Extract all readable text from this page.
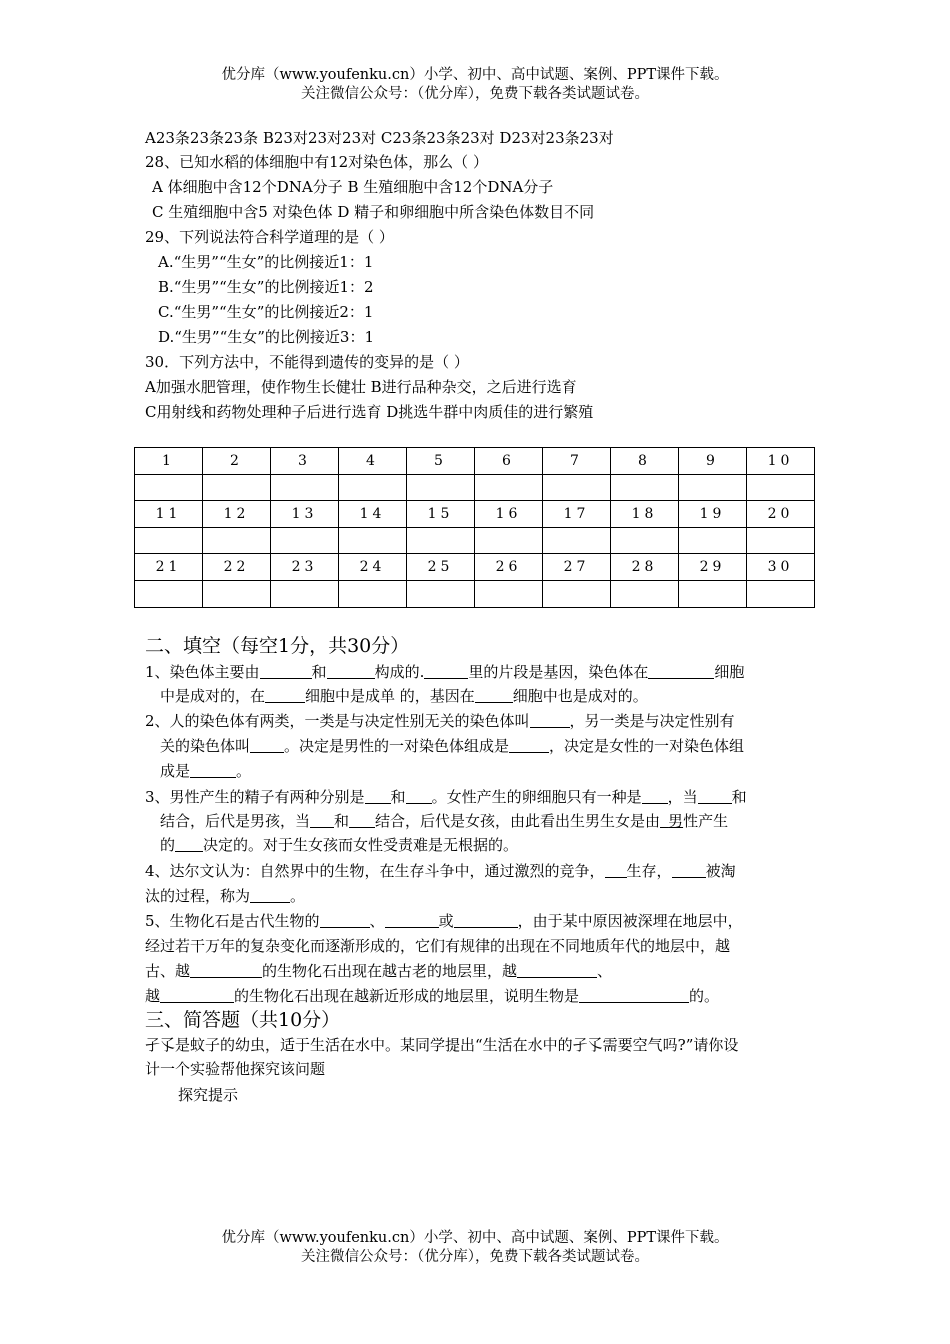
优分库（www.youfenku.cn）小学、初中、高中试题、案例、PPT课件下载。
关注微信公众号：（优分库），免费下载各类试题试卷。
A23条23条23条 B23对23对23对 C23条23条23对 D23对23条23对
28、已知水稻的体细胞中有12对染色体，那么（ ）
A 体细胞中含12个DNA分子 B 生殖细胞中含12个DNA分子
C 生殖细胞中含5 对染色体 D 精子和卵细胞中所含染色体数目不同
29、下列说法符合科学道理的是（ ）
A.“生男”“生女”的比例接近1：1
B.“生男”“生女”的比例接近1：2
C.“生男”“生女”的比例接近2：1
D.“生男”“生女”的比例接近3：1
30．下列方法中，不能得到遗传的变异的是（ ）
A加强水肥管理，使作物生长健壮 B进行品种杂交，之后进行选育
C用射线和药物处理种子后进行选育 D挑选牛群中肉质佳的进行繁殖
1	2	3	4	5	6	7	8	9	10

11	12	13	14	15	16	17	18	19	20

21	22	23	24	25	26	27	28	29	30

二、填空（每空1分，共30分）
1、染色体主要由	和	构成的.	里的片段是基因，染色体在	细胞
中是成对的，在	细胞中是成单 的，基因在	细胞中也是成对的。
2、人的染色体有两类，一类是与决定性别无关的染色体叫	，另一类是与决定性别有
关的染色体叫 。决定是男性的一对染色体组成是	，决定是女性的一对染色体组
成是	。
3、男性产生的精子有两种分别是 和 。女性产生的卵细胞只有一种是 ，当 和
结合，后代是男孩，当 和 结合，后代是女孩，由此看出生男生女是由 男性产生
的 决定的。对于生女孩而女性受责难是无根据的。
4、达尔文认为：自然界中的生物，在生存斗争中，通过激烈的竞争， 生存， 被淘
汰的过程，称为	。
5、生物化石是古代生物的	、	或	，由于某中原因被深埋在地层中，
经过若干万年的复杂变化而逐渐形成的，它们有规律的出现在不同地质年代的地层中，越
古、越	的生物化石出现在越古老的地层里，越	、
越	的生物化石出现在越新近形成的地层里，说明生物是	的。
三、简答题（共10分）
孑孓是蚊子的幼虫，适于生活在水中。某同学提出“生活在水中的孑孓需要空气吗?”请你设
计一个实验帮他探究该问题
探究提示
优分库（www.youfenku.cn）小学、初中、高中试题、案例、PPT课件下载。
关注微信公众号：（优分库），免费下载各类试题试卷。
